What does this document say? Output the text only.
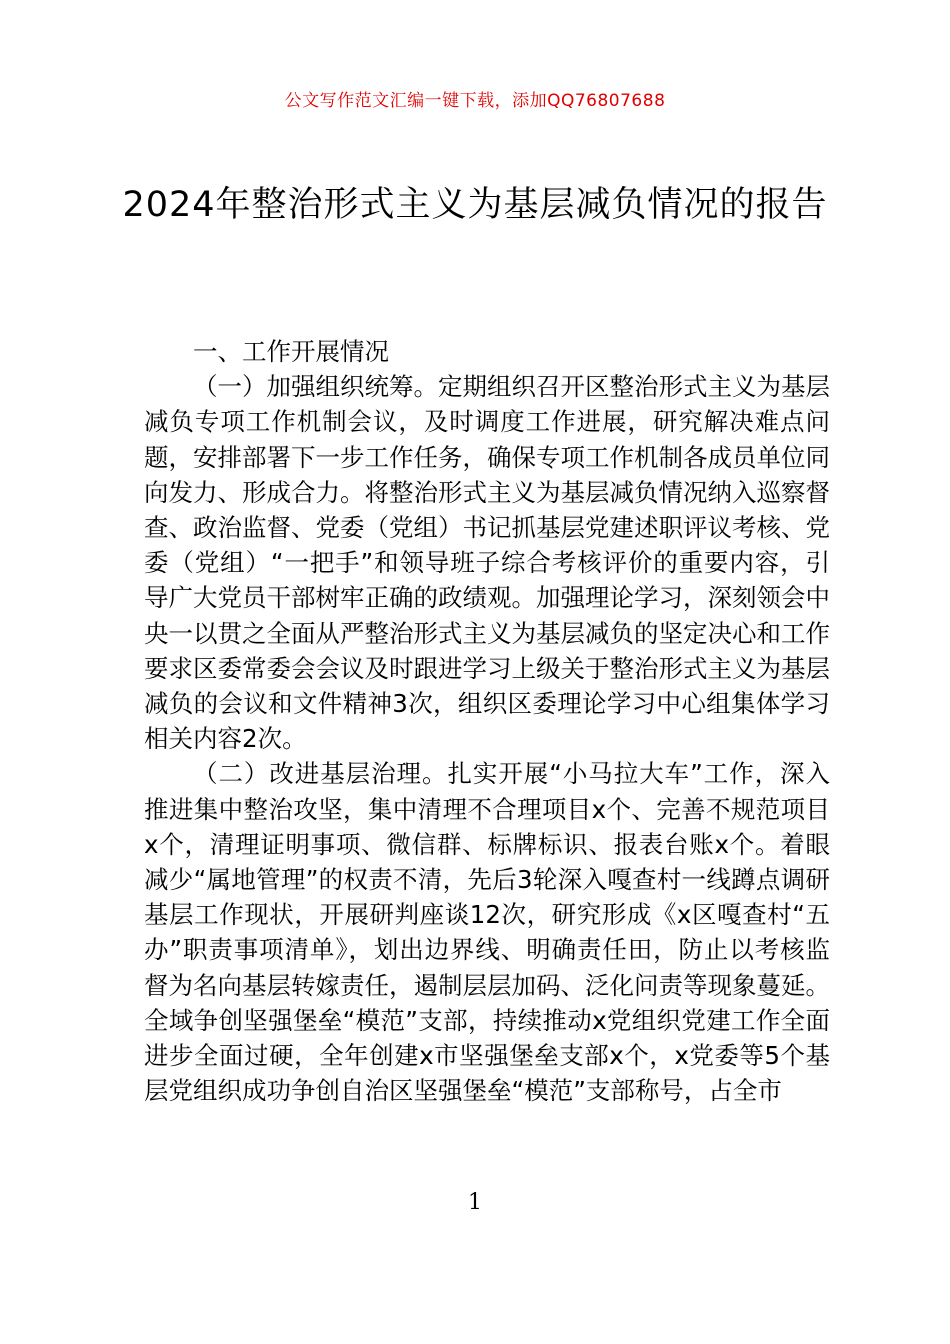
公文写作范文汇编一键下载，添加QQ76807688
2024年整治形式主义为基层减负情况的报告

一、工作开展情况

（一）加强组织统筹。定期组织召开区整治形式主义为基层减负专项工作机制会议，及时调度工作进展，研究解决难点问题，安排部署下一步工作任务，确保专项工作机制各成员单位同向发力、形成合力。将整治形式主义为基层减负情况纳入巡察督查、政治监督、党委（党组）书记抓基层党建述职评议考核、党委（党组）“一把手”和领导班子综合考核评价的重要内容，引导广大党员干部树牢正确的政绩观。加强理论学习，深刻领会中央一以贯之全面从严整治形式主义为基层减负的坚定决心和工作要求区委常委会会议及时跟进学习上级关于整治形式主义为基层减负的会议和文件精神3次，组织区委理论学习中心组集体学习相关内容2次。

（二）改进基层治理。扎实开展“小马拉大车”工作，深入推进集中整治攻坚，集中清理不合理项目x个、完善不规范项目x个，清理证明事项、微信群、标牌标识、报表台账x个。着眼减少“属地管理”的权责不清，先后3轮深入嘎查村一线蹲点调研基层工作现状，开展研判座谈12次，研究形成《x区嘎查村“五办”职责事项清单》，划出边界线、明确责任田，防止以考核监督为名向基层转嫁责任，遏制层层加码、泛化问责等现象蔓延。全域争创坚强堡垒“模范”支部，持续推动x党组织党建工作全面进步全面过硬，全年创建x市坚强堡垒支部x个，x党委等5个基层党组织成功争创自治区坚强堡垒“模范”支部称号，占全市

1
